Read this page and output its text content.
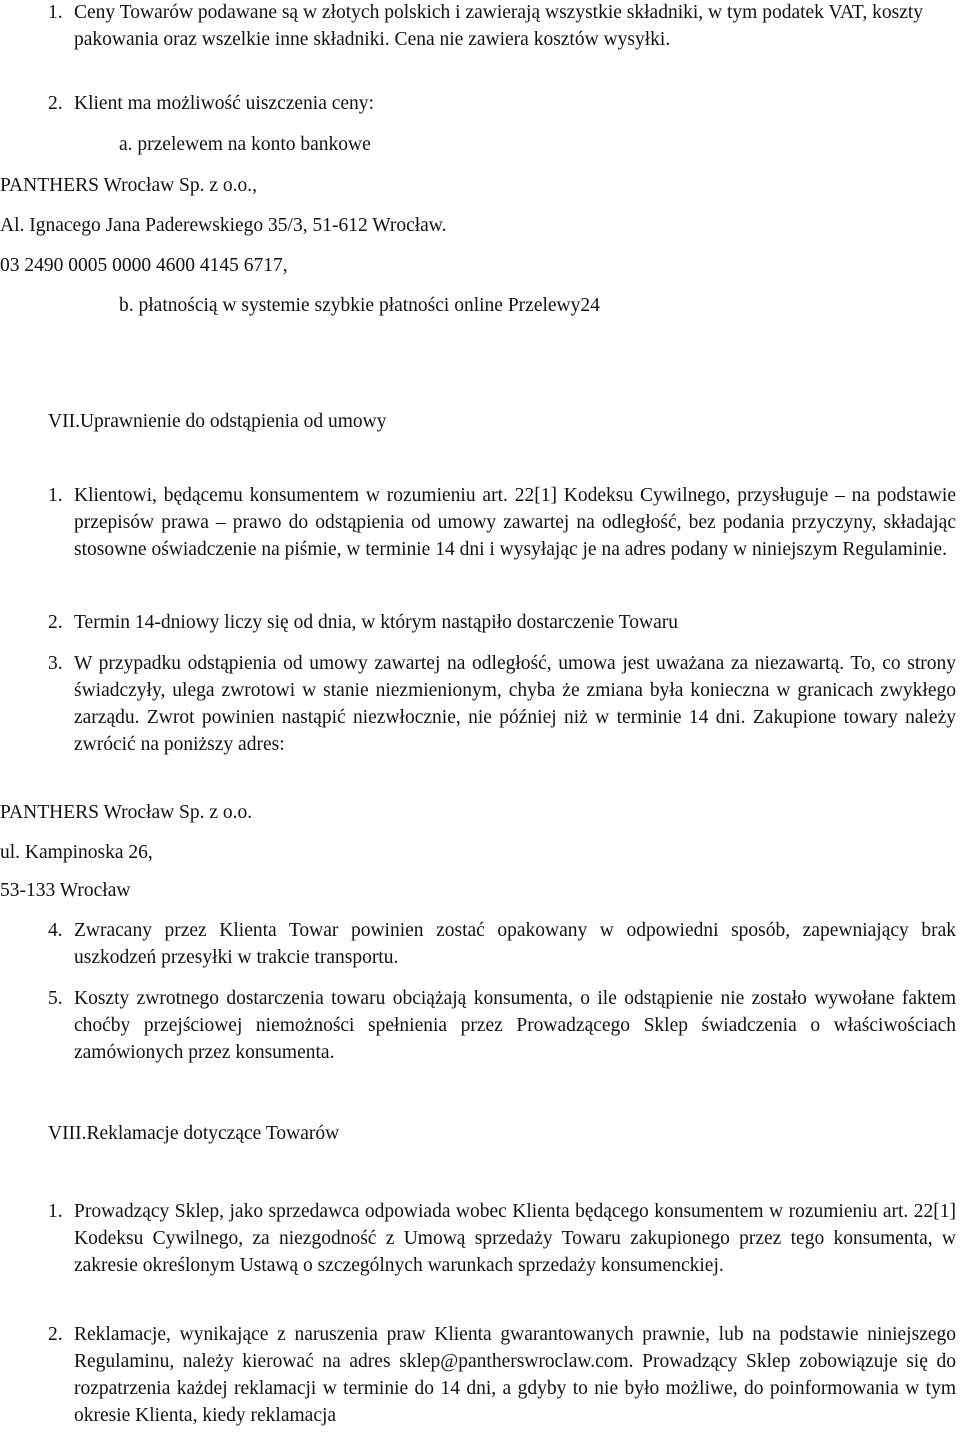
1. Ceny Towarów podawane są w złotych polskich i zawierają wszystkie składniki, w tym podatek VAT, koszty pakowania oraz wszelkie inne składniki. Cena nie zawiera kosztów wysyłki.
2. Klient ma możliwość uiszczenia ceny:
a. przelewem na konto bankowe
PANTHERS Wrocław Sp. z o.o.,
Al. Ignacego Jana Paderewskiego 35/3, 51-612 Wrocław.
03 2490 0005 0000 4600 4145 6717,
b. płatnością w systemie szybkie płatności online Przelewy24
VII.Uprawnienie do odstąpienia od umowy
1. Klientowi, będącemu konsumentem w rozumieniu art. 22[1] Kodeksu Cywilnego, przysługuje – na podstawie przepisów prawa – prawo do odstąpienia od umowy zawartej na odległość, bez podania przyczyny, składając stosowne oświadczenie na piśmie, w terminie 14 dni i wysyłając je na adres podany w niniejszym Regulaminie.
2. Termin 14-dniowy liczy się od dnia, w którym nastąpiło dostarczenie Towaru
3. W przypadku odstąpienia od umowy zawartej na odległość, umowa jest uważana za niezawartą. To, co strony świadczyły, ulega zwrotowi w stanie niezmienionym, chyba że zmiana była konieczna w granicach zwykłego zarządu. Zwrot powinien nastąpić niezwłocznie, nie później niż w terminie 14 dni. Zakupione towary należy zwrócić na poniższy adres:
PANTHERS Wrocław Sp. z o.o.
ul. Kampinoska 26,
53-133 Wrocław
4. Zwracany przez Klienta Towar powinien zostać opakowany w odpowiedni sposób, zapewniający brak uszkodzeń przesyłki w trakcie transportu.
5. Koszty zwrotnego dostarczenia towaru obciążają konsumenta, o ile odstąpienie nie zostało wywołane faktem choćby przejściowej niemożności spełnienia przez Prowadzącego Sklep świadczenia o właściwościach zamówionych przez konsumenta.
VIII.Reklamacje dotyczące Towarów
1. Prowadzący Sklep, jako sprzedawca odpowiada wobec Klienta będącego konsumentem w rozumieniu art. 22[1] Kodeksu Cywilnego, za niezgodność z Umową sprzedaży Towaru zakupionego przez tego konsumenta, w zakresie określonym Ustawą o szczególnych warunkach sprzedaży konsumenckiej.
2. Reklamacje, wynikające z naruszenia praw Klienta gwarantowanych prawnie, lub na podstawie niniejszego Regulaminu, należy kierować na adres sklep@pantherswroclaw.com. Prowadzący Sklep zobowiązuje się do rozpatrzenia każdej reklamacji w terminie do 14 dni, a gdyby to nie było możliwe, do poinformowania w tym okresie Klienta, kiedy reklamacja
